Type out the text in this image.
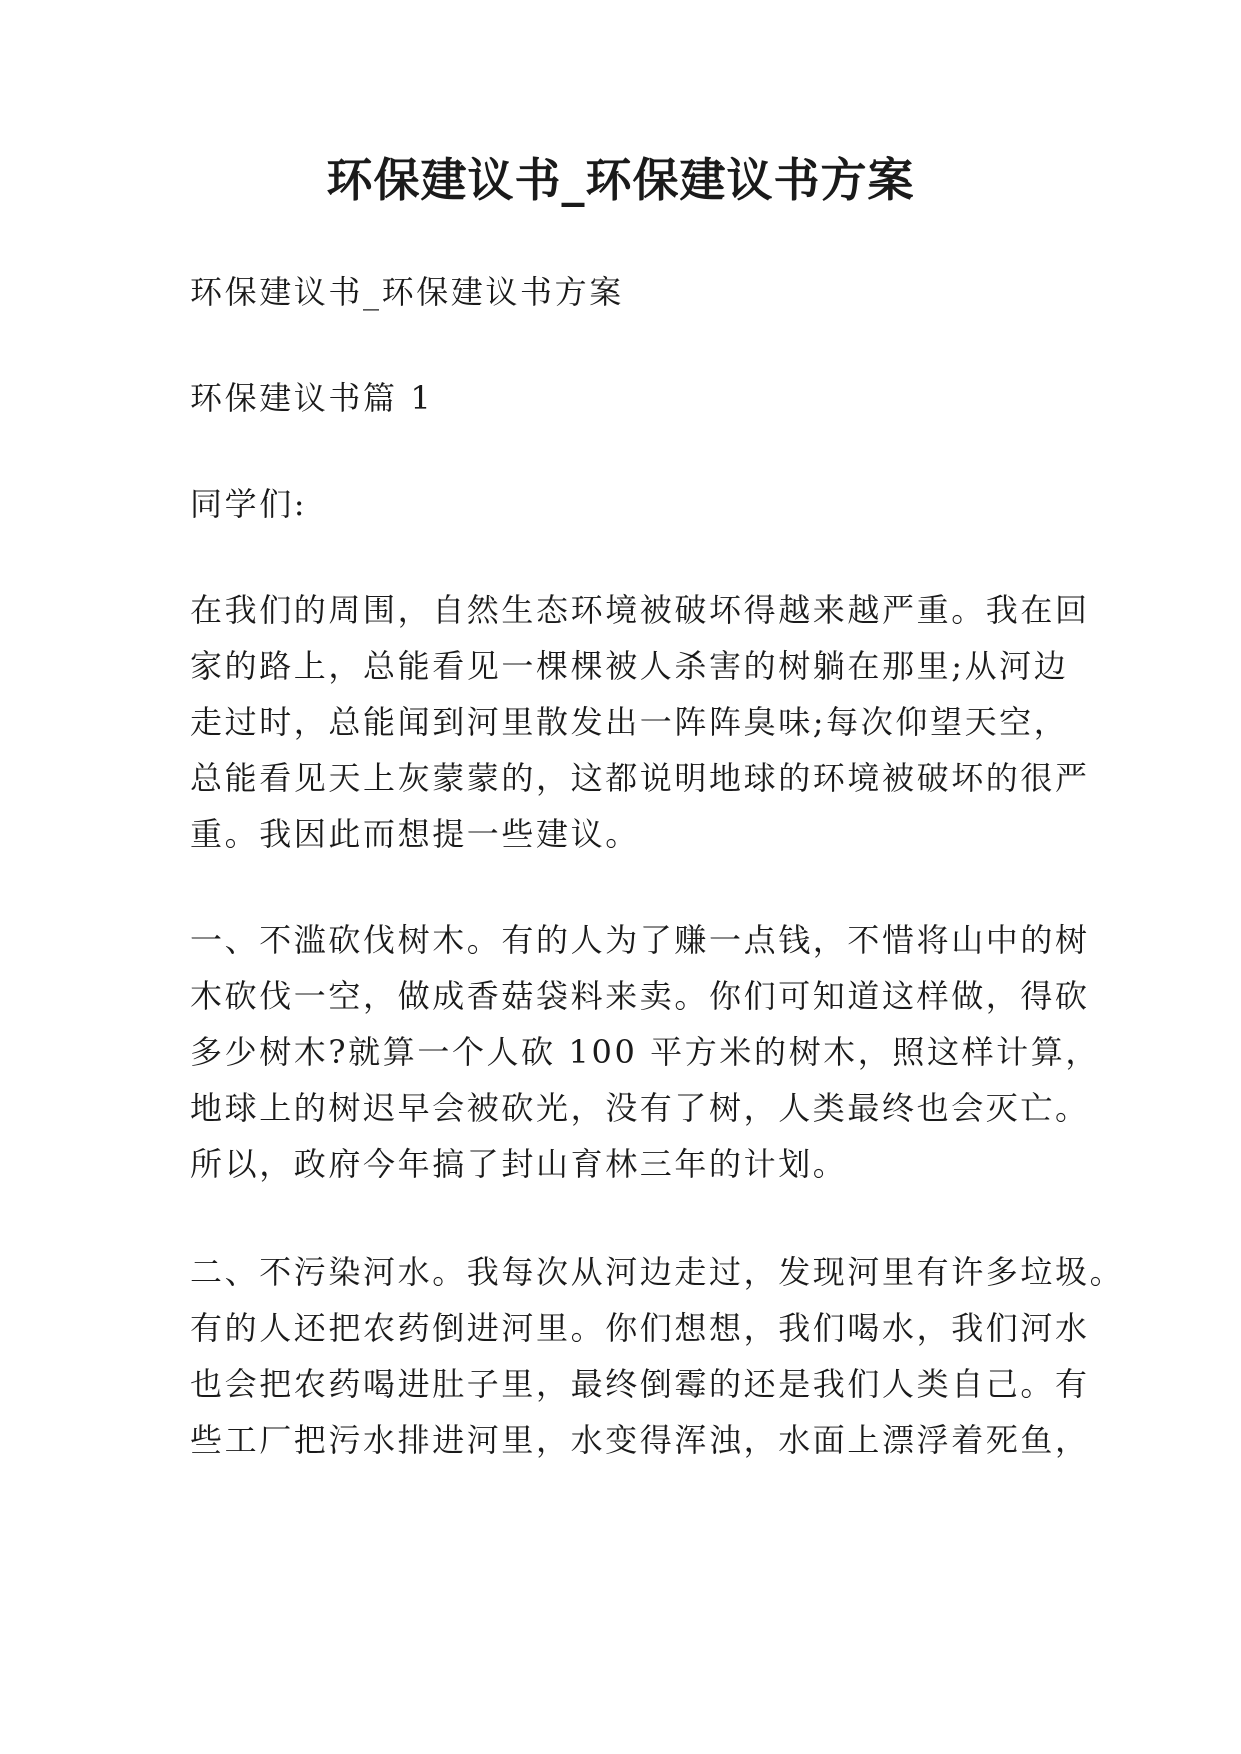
环保建议书_环保建议书方案

环保建议书_环保建议书方案

环保建议书篇 1

同学们:

在我们的周围，自然生态环境被破坏得越来越严重。我在回
家的路上，总能看见一棵棵被人杀害的树躺在那里;从河边
走过时，总能闻到河里散发出一阵阵臭味;每次仰望天空，
总能看见天上灰蒙蒙的，这都说明地球的环境被破坏的很严
重。我因此而想提一些建议。

一、不滥砍伐树木。有的人为了赚一点钱，不惜将山中的树
木砍伐一空，做成香菇袋料来卖。你们可知道这样做，得砍
多少树木?就算一个人砍 100 平方米的树木，照这样计算，
地球上的树迟早会被砍光，没有了树，人类最终也会灭亡。
所以，政府今年搞了封山育林三年的计划。

二、不污染河水。我每次从河边走过，发现河里有许多垃圾。
有的人还把农药倒进河里。你们想想，我们喝水，我们河水
也会把农药喝进肚子里，最终倒霉的还是我们人类自己。有
些工厂把污水排进河里，水变得浑浊，水面上漂浮着死鱼，
